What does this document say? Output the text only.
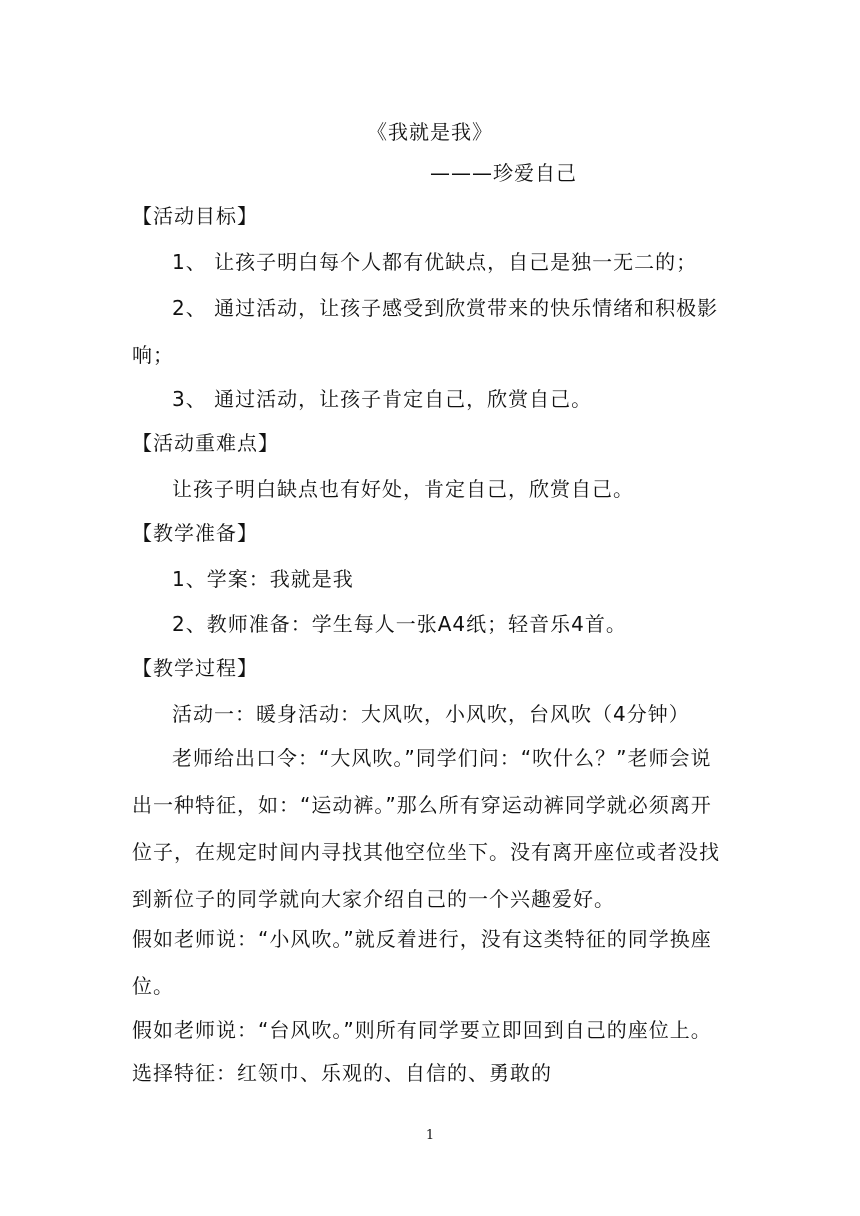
《我就是我》

———珍爱自己

【活动目标】

1、 让孩子明白每个人都有优缺点，自己是独一无二的；

2、 通过活动，让孩子感受到欣赏带来的快乐情绪和积极影响；

3、 通过活动，让孩子肯定自己，欣赏自己。

【活动重难点】

让孩子明白缺点也有好处，肯定自己，欣赏自己。

【教学准备】

1、学案：我就是我

2、教师准备：学生每人一张A4纸；轻音乐4首。

【教学过程】

活动一：暖身活动：大风吹，小风吹，台风吹（4分钟）

老师给出口令：“大风吹。”同学们问：“吹什么？”老师会说出一种特征，如：“运动裤。”那么所有穿运动裤同学就必须离开位子，在规定时间内寻找其他空位坐下。没有离开座位或者没找到新位子的同学就向大家介绍自己的一个兴趣爱好。

假如老师说：“小风吹。”就反着进行，没有这类特征的同学换座位。

假如老师说：“台风吹。”则所有同学要立即回到自己的座位上。

选择特征：红领巾、乐观的、自信的、勇敢的

1
